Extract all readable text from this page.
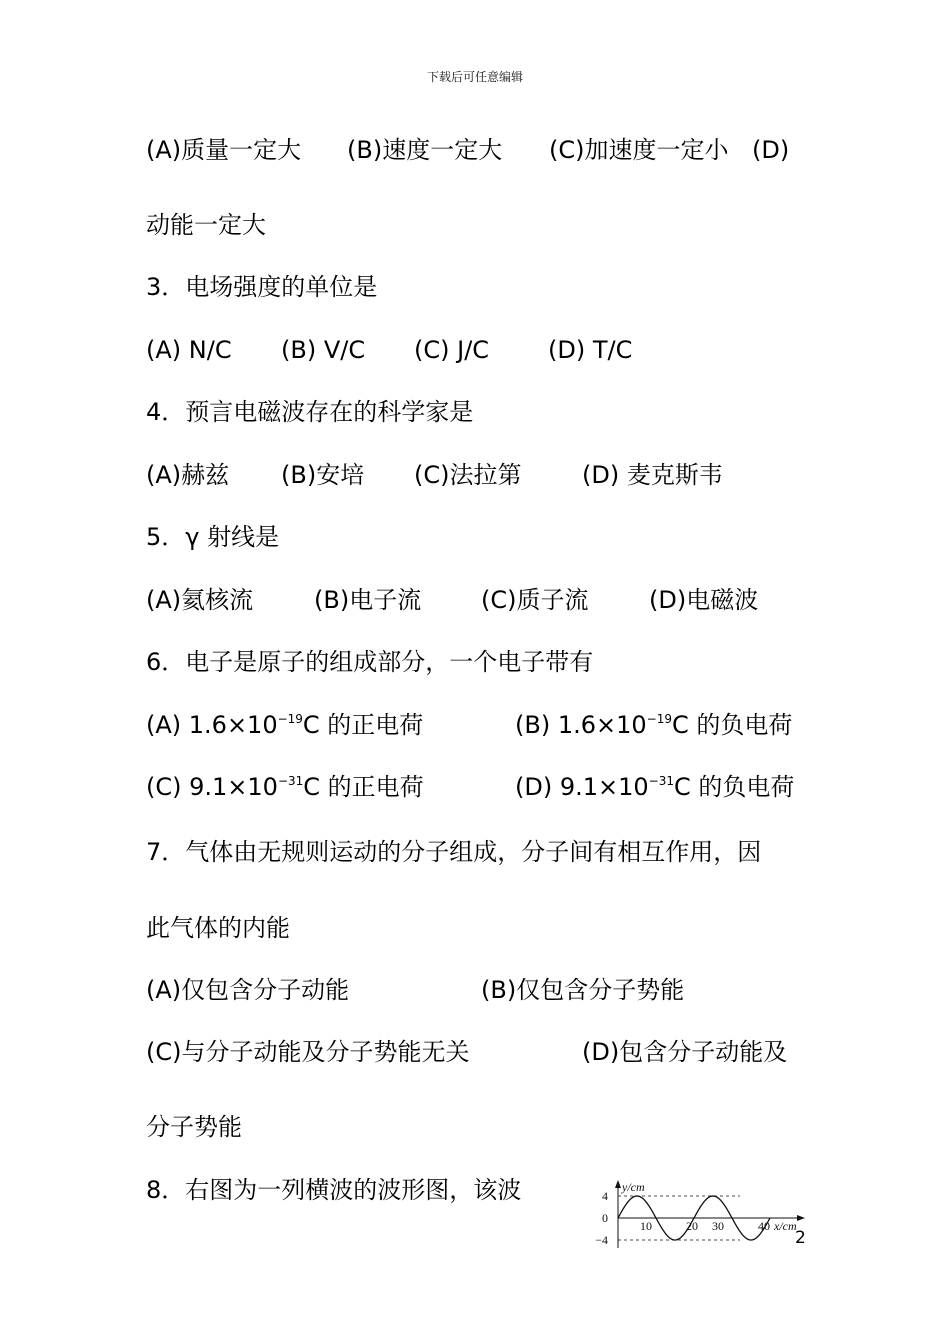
下载后可任意编辑
(A)质量一定大 (B)速度一定大 (C)加速度一定小 (D)
动能一定大
3．电场强度的单位是
(A) N/C (B) V/C (C) J/C (D) T/C
4．预言电磁波存在的科学家是
(A)赫兹 (B)安培 (C)法拉第	(D) 麦克斯韦
5．γ 射线是
(A)氦核流	(B)电子流 (C)质子流	(D)电磁波
6．电子是原子的组成部分，一个电子带有
(A) $1.6\times 10^{-19}C$ 的正电荷	(B) $1.6\times 10^{-19}C$ 的负电荷
(C) $9.1\times 10^{-31}C$ 的正电荷	(D) $9.1\times 10^{-31}C$ 的负电荷
7．气体由无规则运动的分子组成，分子间有相互作用，因
此气体的内能
(A)仅包含分子动能	(B)仅包含分子势能
(C)与分子动能及分子势能无关	(D)包含分子动能及
分子势能
8．右图为一列横波的波形图，该波	4
0
−4
10	20 30	40
y/cm
x/cm
2
